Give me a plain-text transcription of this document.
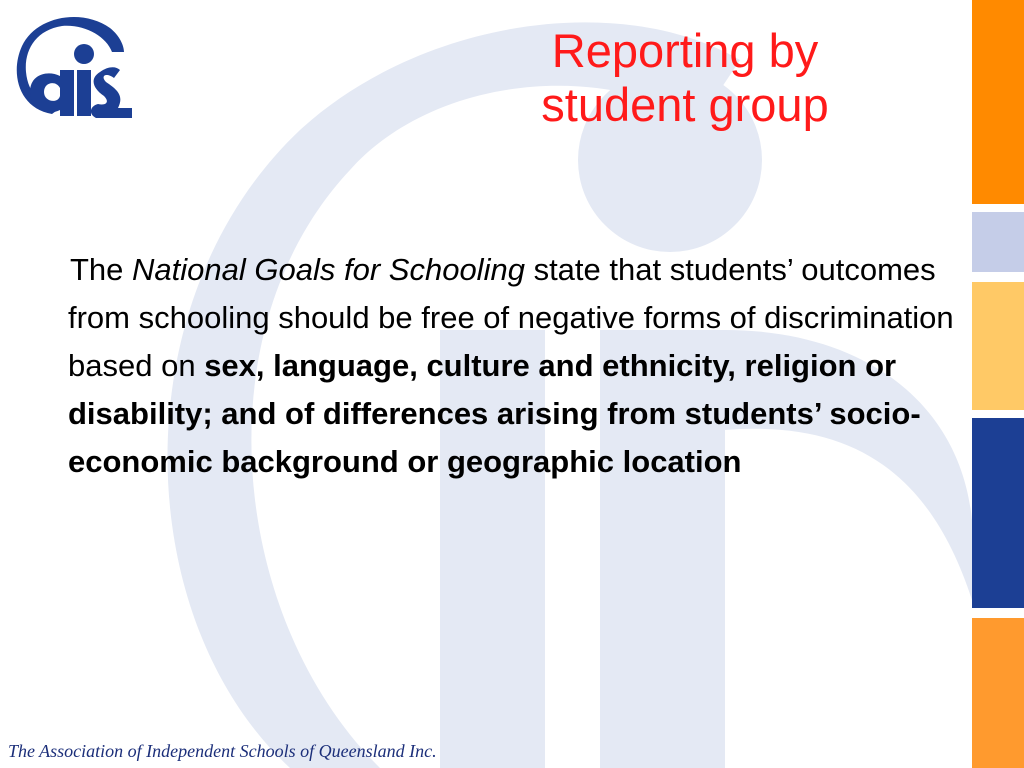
Reporting by
student group
The National Goals for Schooling state that students’ outcomes from schooling should be free of negative forms of discrimination based on sex, language, culture and ethnicity, religion or disability; and of differences arising from students’ socio-economic background or geographic location
The Association of Independent Schools of Queensland Inc.
